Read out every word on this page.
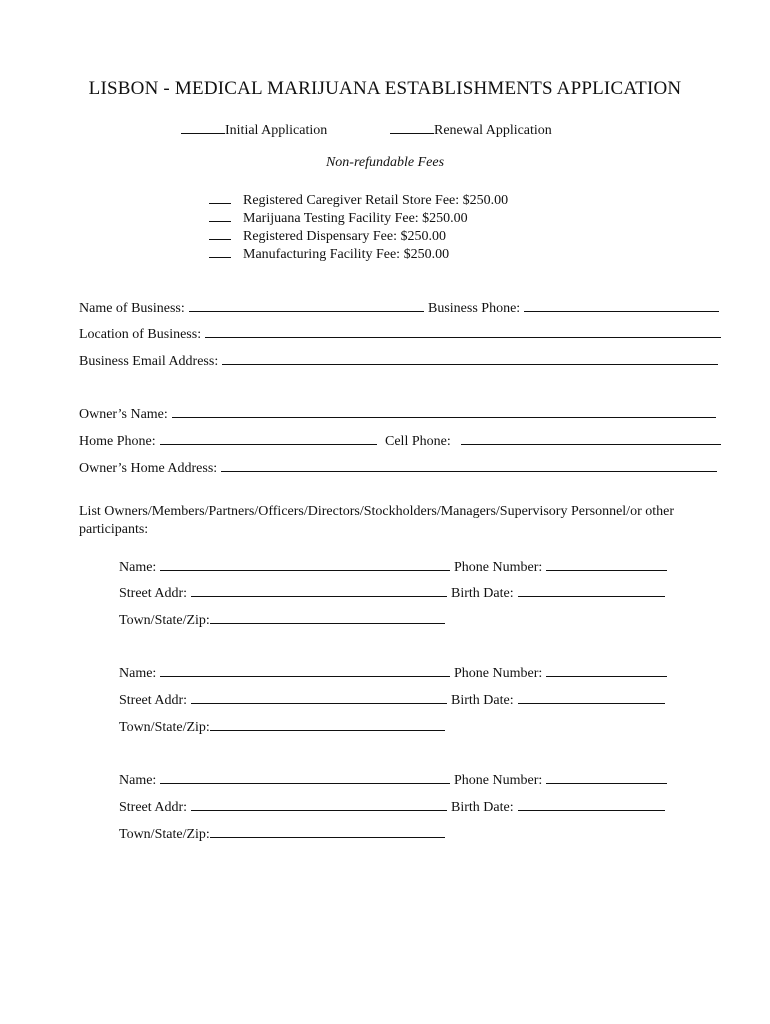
LISBON - MEDICAL MARIJUANA ESTABLISHMENTS APPLICATION
Initial Application	Renewal Application
Non-refundable Fees
Registered Caregiver Retail Store Fee: $250.00
Marijuana Testing Facility Fee: $250.00
Registered Dispensary Fee: $250.00
Manufacturing Facility Fee: $250.00
Name of Business:	Business Phone:
Location of Business:
Business Email Address:
Owner’s Name:
Home Phone:	Cell Phone:
Owner’s Home Address:
List Owners/Members/Partners/Officers/Directors/Stockholders/Managers/Supervisory Personnel/or other participants:
Name:	Phone Number:
Street Addr:	Birth Date:
Town/State/Zip:
Name:	Phone Number:
Street Addr:	Birth Date:
Town/State/Zip:
Name:	Phone Number:
Street Addr:	Birth Date:
Town/State/Zip:
